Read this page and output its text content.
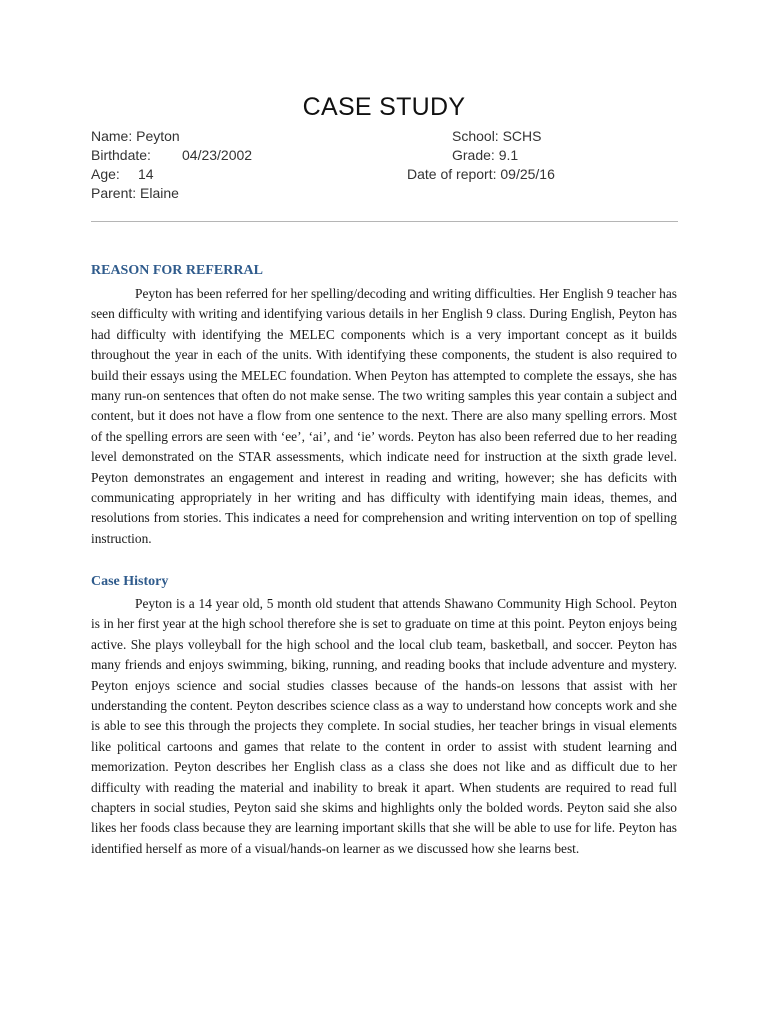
CASE STUDY
Name: Peyton
Birthdate: 04/23/2002
Age: 14
Parent: Elaine
School: SCHS
Grade: 9.1
Date of report: 09/25/16
REASON FOR REFERRAL

Peyton has been referred for her spelling/decoding and writing difficulties. Her English 9 teacher has seen difficulty with writing and identifying various details in her English 9 class. During English, Peyton has had difficulty with identifying the MELEC components which is a very important concept as it builds throughout the year in each of the units. With identifying these components, the student is also required to build their essays using the MELEC foundation. When Peyton has attempted to complete the essays, she has many run-on sentences that often do not make sense. The two writing samples this year contain a subject and content, but it does not have a flow from one sentence to the next. There are also many spelling errors. Most of the spelling errors are seen with ‘ee’, ‘ai’, and ‘ie’ words. Peyton has also been referred due to her reading level demonstrated on the STAR assessments, which indicate need for instruction at the sixth grade level. Peyton demonstrates an engagement and interest in reading and writing, however; she has deficits with communicating appropriately in her writing and has difficulty with identifying main ideas, themes, and resolutions from stories. This indicates a need for comprehension and writing intervention on top of spelling instruction.

Case History

Peyton is a 14 year old, 5 month old student that attends Shawano Community High School. Peyton is in her first year at the high school therefore she is set to graduate on time at this point. Peyton enjoys being active. She plays volleyball for the high school and the local club team, basketball, and soccer. Peyton has many friends and enjoys swimming, biking, running, and reading books that include adventure and mystery. Peyton enjoys science and social studies classes because of the hands-on lessons that assist with her understanding the content. Peyton describes science class as a way to understand how concepts work and she is able to see this through the projects they complete. In social studies, her teacher brings in visual elements like political cartoons and games that relate to the content in order to assist with student learning and memorization. Peyton describes her English class as a class she does not like and as difficult due to her difficulty with reading the material and inability to break it apart. When students are required to read full chapters in social studies, Peyton said she skims and highlights only the bolded words. Peyton said she also likes her foods class because they are learning important skills that she will be able to use for life. Peyton has identified herself as more of a visual/hands-on learner as we discussed how she learns best.
